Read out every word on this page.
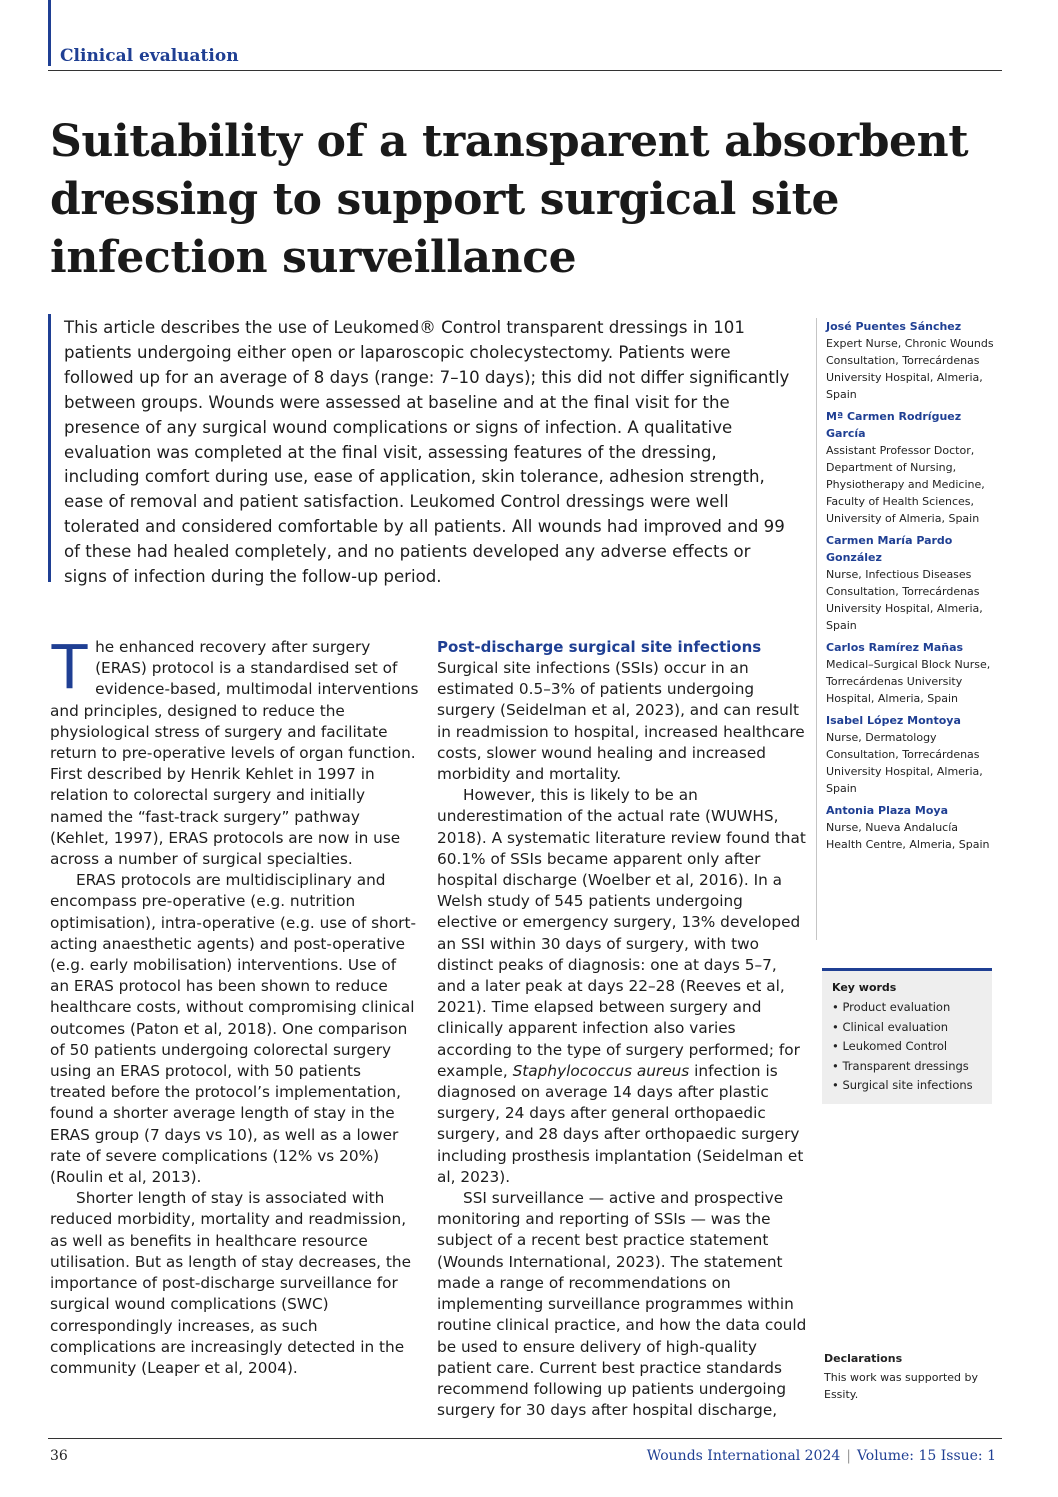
Clinical evaluation
Suitability of a transparent absorbent dressing to support surgical site infection surveillance

This article describes the use of Leukomed® Control transparent dressings in 101 patients undergoing either open or laparoscopic cholecystectomy. Patients were followed up for an average of 8 days (range: 7–10 days); this did not differ significantly between groups. Wounds were assessed at baseline and at the final visit for the presence of any surgical wound complications or signs of infection. A qualitative evaluation was completed at the final visit, assessing features of the dressing, including comfort during use, ease of application, skin tolerance, adhesion strength, ease of removal and patient satisfaction. Leukomed Control dressings were well tolerated and considered comfortable by all patients. All wounds had improved and 99 of these had healed completely, and no patients developed any adverse effects or signs of infection during the follow-up period.

José Puentes Sánchez
Expert Nurse, Chronic Wounds Consultation, Torrecárdenas University Hospital, Almeria, Spain
Mª Carmen Rodríguez García
Assistant Professor Doctor, Department of Nursing, Physiotherapy and Medicine, Faculty of Health Sciences, University of Almeria, Spain
Carmen María Pardo González
Nurse, Infectious Diseases Consultation, Torrecárdenas University Hospital, Almeria, Spain
Carlos Ramírez Mañas
Medical–Surgical Block Nurse, Torrecárdenas University Hospital, Almeria, Spain
Isabel López Montoya
Nurse, Dermatology Consultation, Torrecárdenas University Hospital, Almeria, Spain
Antonia Plaza Moya
Nurse, Nueva Andalucía Health Centre, Almeria, Spain
Key words
• Product evaluation
• Clinical evaluation
• Leukomed Control
• Transparent dressings
• Surgical site infections
Declarations
This work was supported by Essity.

The enhanced recovery after surgery (ERAS) protocol is a standardised set of evidence-based, multimodal interventions and principles, designed to reduce the physiological stress of surgery and facilitate return to pre-operative levels of organ function. First described by Henrik Kehlet in 1997 in relation to colorectal surgery and initially named the “fast-track surgery” pathway (Kehlet, 1997), ERAS protocols are now in use across a number of surgical specialties.

ERAS protocols are multidisciplinary and encompass pre-operative (e.g. nutrition optimisation), intra-operative (e.g. use of short-acting anaesthetic agents) and post-operative (e.g. early mobilisation) interventions. Use of an ERAS protocol has been shown to reduce healthcare costs, without compromising clinical outcomes (Paton et al, 2018). One comparison of 50 patients undergoing colorectal surgery using an ERAS protocol, with 50 patients treated before the protocol’s implementation, found a shorter average length of stay in the ERAS group (7 days vs 10), as well as a lower rate of severe complications (12% vs 20%) (Roulin et al, 2013).

Shorter length of stay is associated with reduced morbidity, mortality and readmission, as well as benefits in healthcare resource utilisation. But as length of stay decreases, the importance of post-discharge surveillance for surgical wound complications (SWC) correspondingly increases, as such complications are increasingly detected in the community (Leaper et al, 2004).

Post-discharge surgical site infections

Surgical site infections (SSIs) occur in an estimated 0.5–3% of patients undergoing surgery (Seidelman et al, 2023), and can result in readmission to hospital, increased healthcare costs, slower wound healing and increased morbidity and mortality.

However, this is likely to be an underestimation of the actual rate (WUWHS, 2018). A systematic literature review found that 60.1% of SSIs became apparent only after hospital discharge (Woelber et al, 2016). In a Welsh study of 545 patients undergoing elective or emergency surgery, 13% developed an SSI within 30 days of surgery, with two distinct peaks of diagnosis: one at days 5–7, and a later peak at days 22–28 (Reeves et al, 2021). Time elapsed between surgery and clinically apparent infection also varies according to the type of surgery performed; for example, Staphylococcus aureus infection is diagnosed on average 14 days after plastic surgery, 24 days after general orthopaedic surgery, and 28 days after orthopaedic surgery including prosthesis implantation (Seidelman et al, 2023).

SSI surveillance — active and prospective monitoring and reporting of SSIs — was the subject of a recent best practice statement (Wounds International, 2023). The statement made a range of recommendations on implementing surveillance programmes within routine clinical practice, and how the data could be used to ensure delivery of high-quality patient care. Current best practice standards recommend following up patients undergoing surgery for 30 days after hospital discharge,

36	Wounds International 2024 | Volume: 15 Issue: 1
